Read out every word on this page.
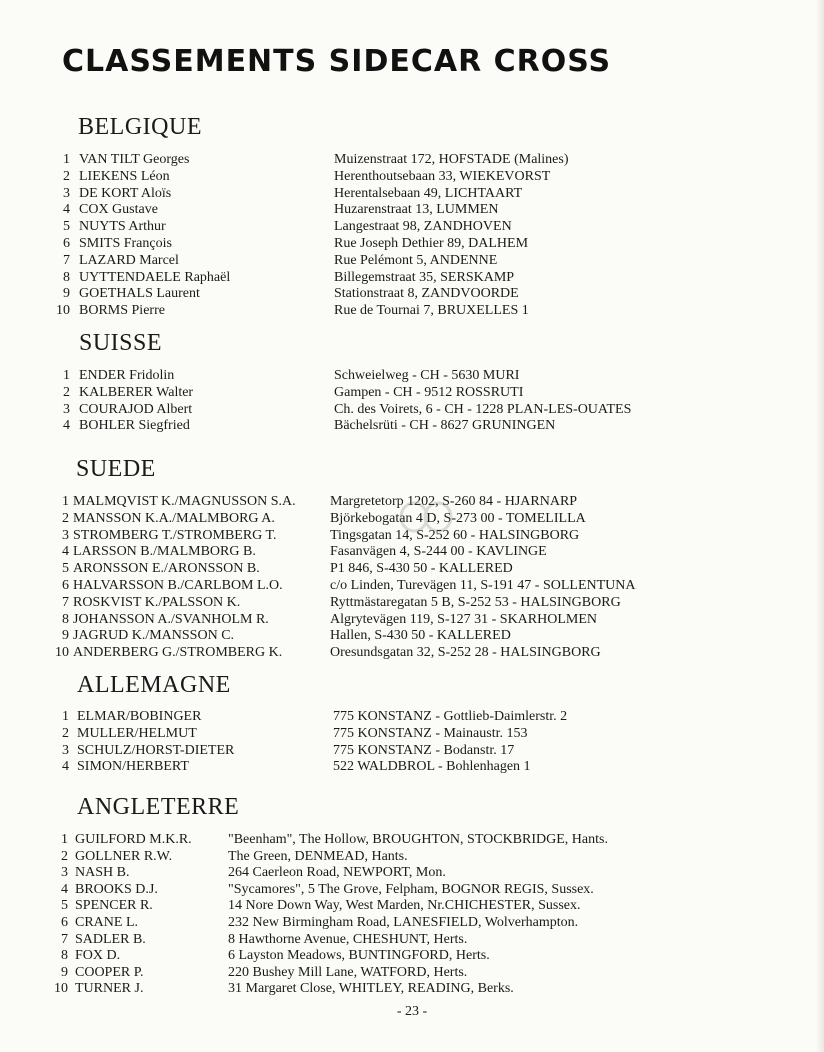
CLASSEMENTS SIDECAR CROSS
BELGIQUE
1 VAN TILT Georges	Muizenstraat 172, HOFSTADE (Malines)
2 LIEKENS Léon	Herenthoutsebaan 33, WIEKEVORST
3 DE KORT Aloïs	Herentalsebaan 49, LICHTAART
4 COX Gustave	Huzarenstraat 13, LUMMEN
5 NUYTS Arthur	Langestraat 98, ZANDHOVEN
6 SMITS François	Rue Joseph Dethier 89, DALHEM
7 LAZARD Marcel	Rue Pelémont 5, ANDENNE
8 UYTTENDAELE Raphaël	Billegemstraat 35, SERSKAMP
9 GOETHALS Laurent	Stationstraat 8, ZANDVOORDE
10 BORMS Pierre	Rue de Tournai 7, BRUXELLES 1
SUISSE
1 ENDER Fridolin	Schweielweg - CH - 5630 MURI
2 KALBERER Walter	Gampen - CH - 9512 ROSSRUTI
3 COURAJOD Albert	Ch. des Voirets, 6 - CH - 1228 PLAN-LES-OUATES
4 BOHLER Siegfried	Bächelsrüti - CH - 8627 GRUNINGEN
SUEDE
1 MALMQVIST K./MAGNUSSON S.A. Margretetorp 1202, S-260 84 - HJARNARP
2 MANSSON K.A./MALMBORG A.	Björkebogatan 4 D, S-273 00 - TOMELILLA
3 STROMBERG T./STROMBERG T.	Tingsgatan 14, S-252 60 - HALSINGBORG
4 LARSSON B./MALMBORG B.	Fasanvägen 4, S-244 00 - KAVLINGE
5 ARONSSON E./ARONSSON B.	P1 846, S-430 50 - KALLERED
6 HALVARSSON B./CARLBOM L.O.	c/o Linden, Turevägen 11, S-191 47 - SOLLENTUNA
7 ROSKVIST K./PALSSON K.	Ryttmästaregatan 5 B, S-252 53 - HALSINGBORG
8 JOHANSSON A./SVANHOLM R.	Algrytevägen 119, S-127 31 - SKARHOLMEN
9 JAGRUD K./MANSSON C.	Hallen, S-430 50 - KALLERED
10 ANDERBERG G./STROMBERG K.	Oresundsgatan 32, S-252 28 - HALSINGBORG
ALLEMAGNE
1 ELMAR/BOBINGER	775 KONSTANZ - Gottlieb-Daimlerstr. 2
2 MULLER/HELMUT	775 KONSTANZ - Mainaustr. 153
3 SCHULZ/HORST-DIETER	775 KONSTANZ - Bodanstr. 17
4 SIMON/HERBERT	522 WALDBROL - Bohlenhagen 1
ANGLETERRE
1 GUILFORD M.K.R.	"Beenham", The Hollow, BROUGHTON, STOCKBRIDGE, Hants.
2 GOLLNER R.W.	The Green, DENMEAD, Hants.
3 NASH B.	264 Caerleon Road, NEWPORT, Mon.
4 BROOKS D.J.	"Sycamores", 5 The Grove, Felpham, BOGNOR REGIS, Sussex.
5 SPENCER R.	14 Nore Down Way, West Marden, Nr.CHICHESTER, Sussex.
6 CRANE L.	232 New Birmingham Road, LANESFIELD, Wolverhampton.
7 SADLER B.	8 Hawthorne Avenue, CHESHUNT, Herts.
8 FOX D.	6 Layston Meadows, BUNTINGFORD, Herts.
9 COOPER P.	220 Bushey Mill Lane, WATFORD, Herts.
10 TURNER J.	31 Margaret Close, WHITLEY, READING, Berks.
- 23 -
